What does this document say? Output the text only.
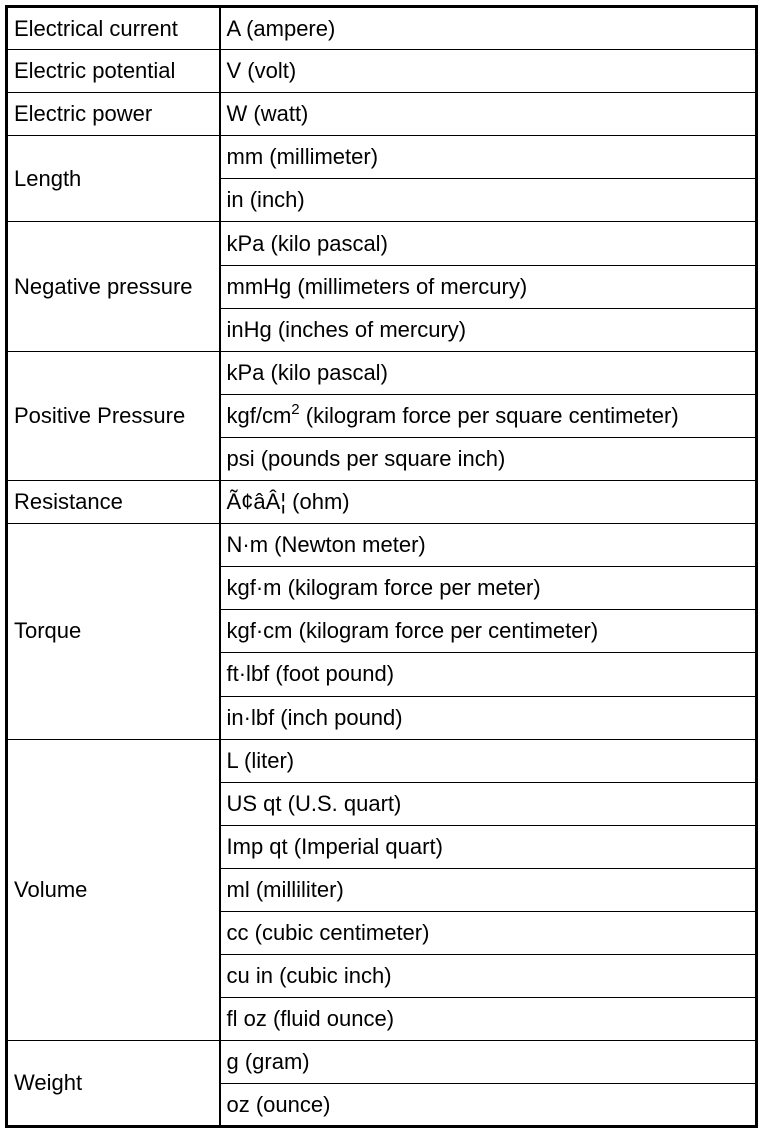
Electrical current	A (ampere)
Electric potential	V (volt)
Electric power	W (watt)
Length	mm (millimeter)
	in (inch)
Negative pressure	kPa (kilo pascal)
	mmHg (millimeters of mercury)
	inHg (inches of mercury)
Positive Pressure	kPa (kilo pascal)
	kgf/$cm^2$ (kilogram force per square centimeter)
	psi (pounds per square inch)
Resistance	Ã¢âÂ¦ (ohm)
Torque	N·m (Newton meter)
	kgf·m (kilogram force per meter)
	kgf·cm (kilogram force per centimeter)
	ft·lbf (foot pound)
	in·lbf (inch pound)
Volume	L (liter)
	US qt (U.S. quart)
	Imp qt (Imperial quart)
	ml (milliliter)
	cc (cubic centimeter)
	cu in (cubic inch)
	fl oz (fluid ounce)
Weight	g (gram)
	oz (ounce)
